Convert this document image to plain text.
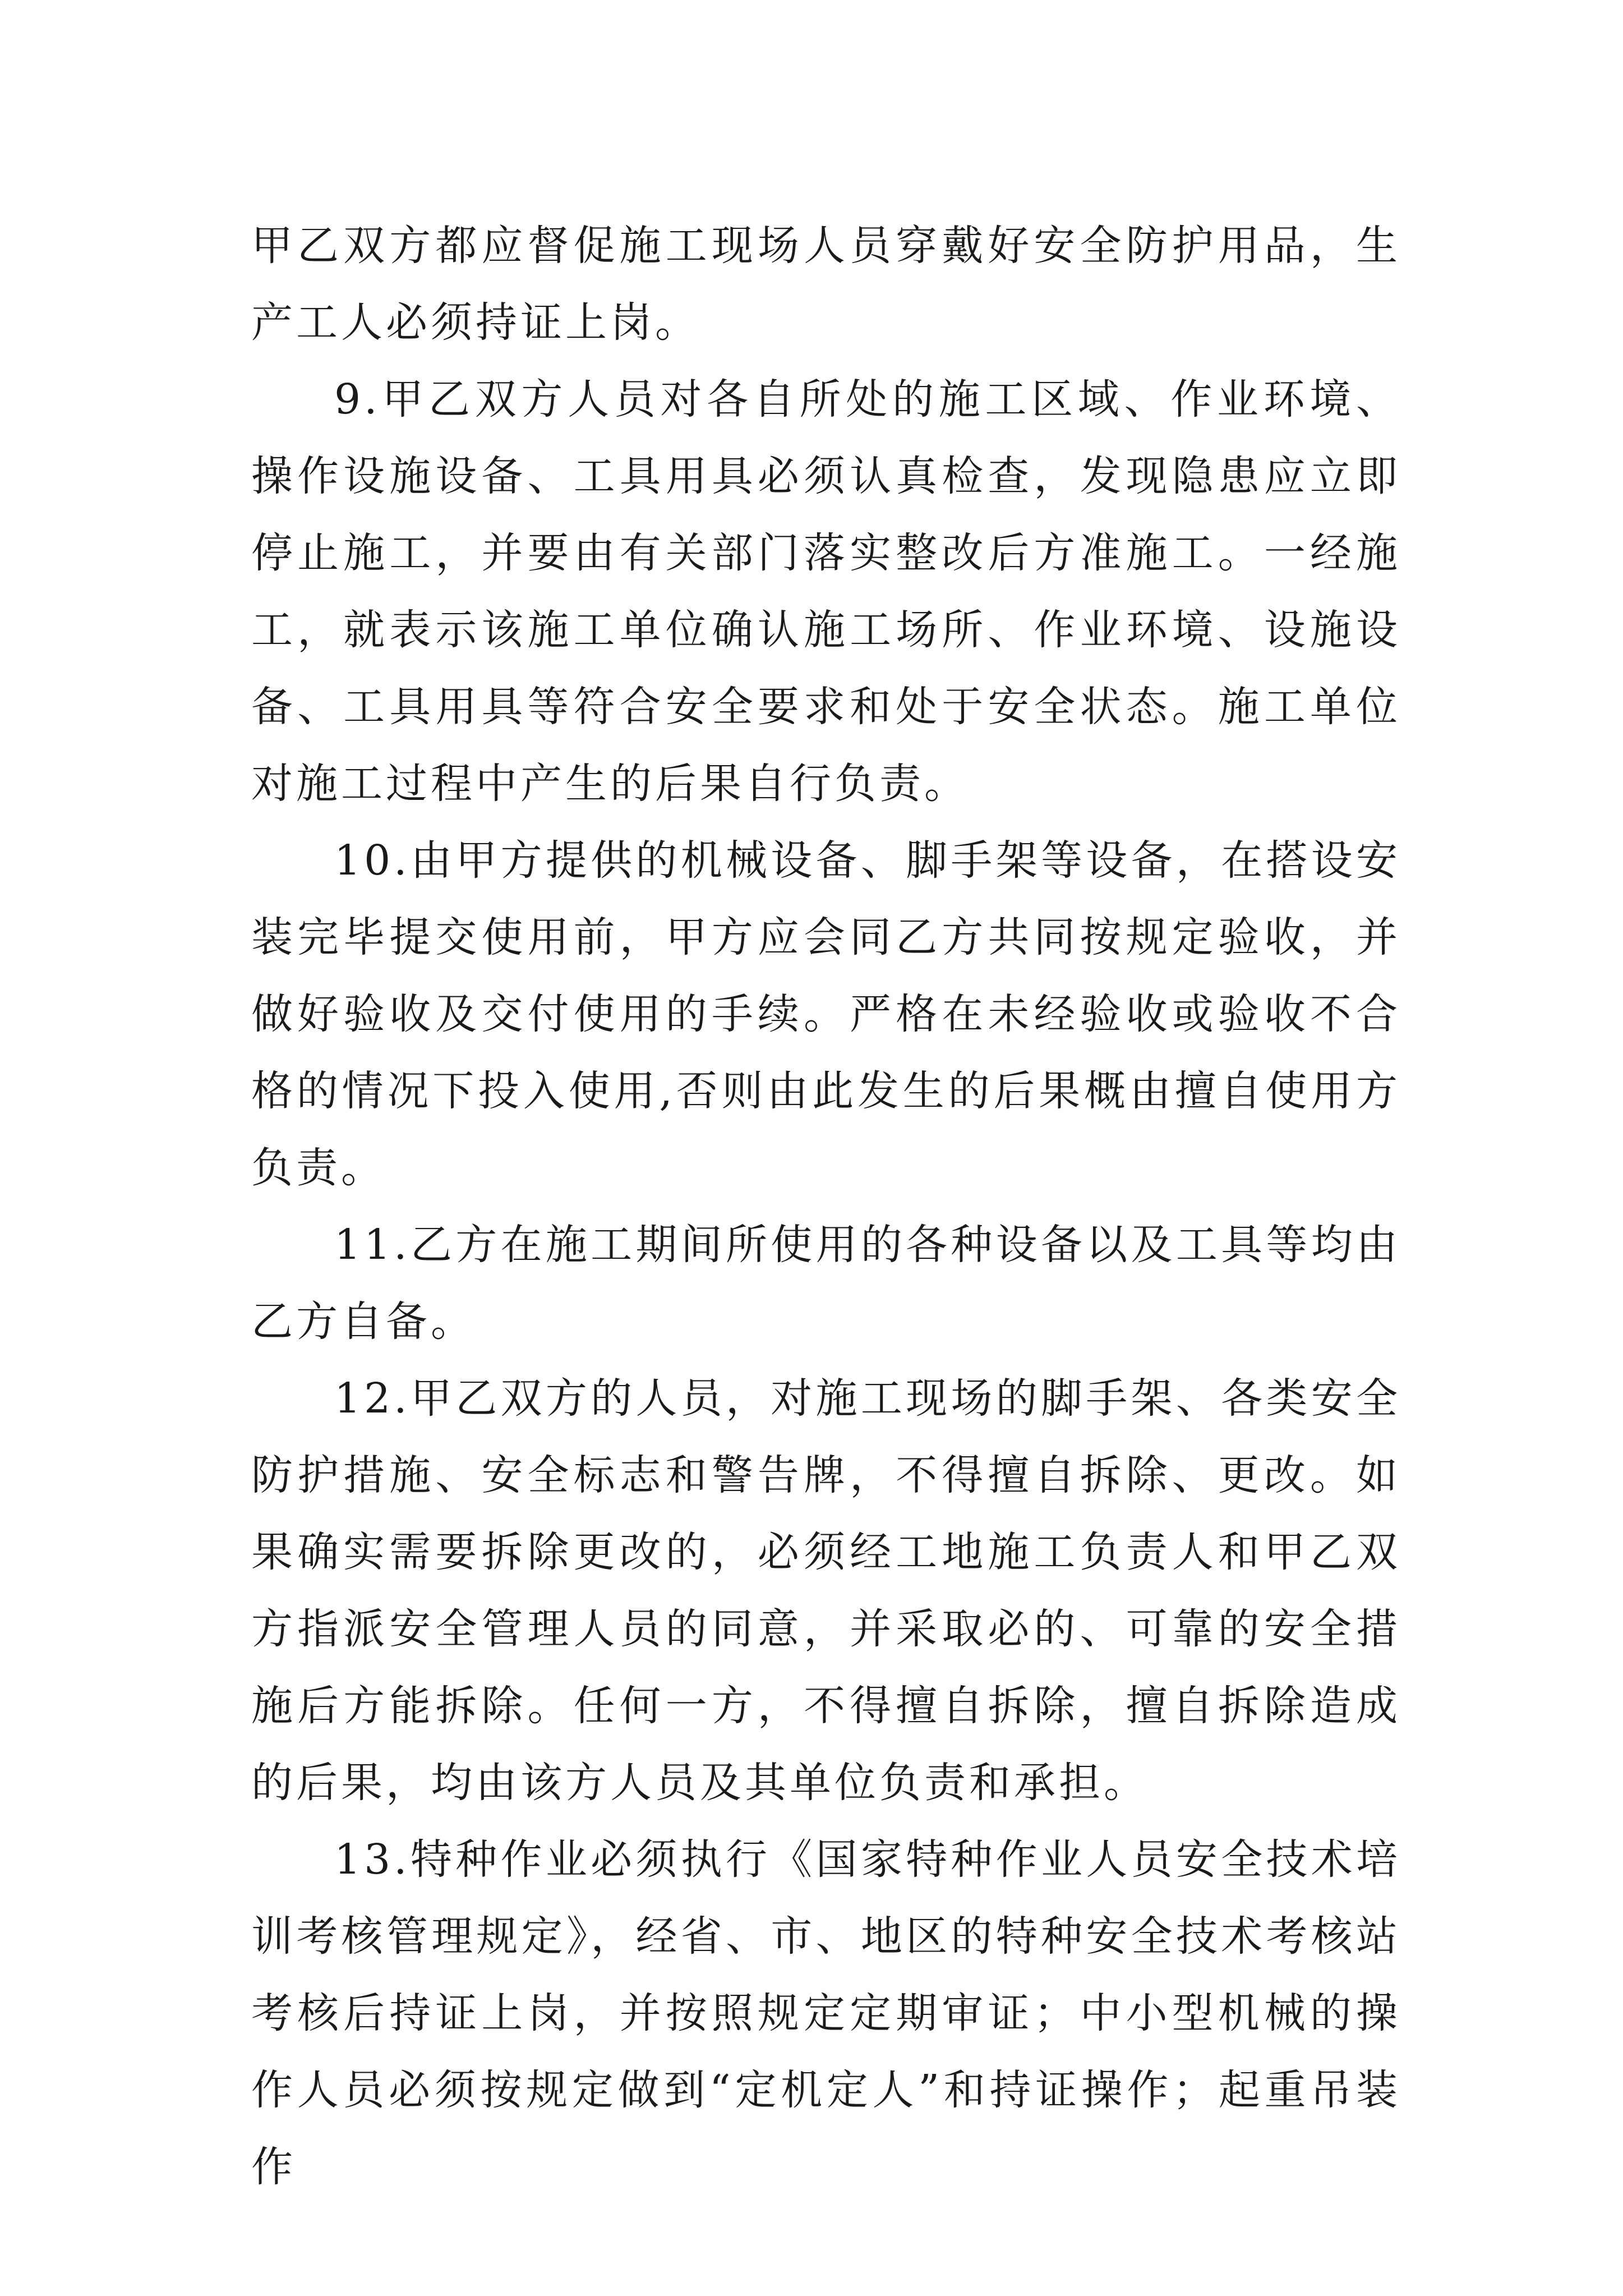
甲乙双方都应督促施工现场人员穿戴好安全防护用品，生产工人必须持证上岗。

9.甲乙双方人员对各自所处的施工区域、作业环境、操作设施设备、工具用具必须认真检查，发现隐患应立即停止施工，并要由有关部门落实整改后方准施工。一经施工，就表示该施工单位确认施工场所、作业环境、设施设备、工具用具等符合安全要求和处于安全状态。施工单位对施工过程中产生的后果自行负责。

10.由甲方提供的机械设备、脚手架等设备，在搭设安装完毕提交使用前，甲方应会同乙方共同按规定验收，并做好验收及交付使用的手续。严格在未经验收或验收不合格的情况下投入使用,否则由此发生的后果概由擅自使用方负责。

11.乙方在施工期间所使用的各种设备以及工具等均由乙方自备。

12.甲乙双方的人员，对施工现场的脚手架、各类安全防护措施、安全标志和警告牌，不得擅自拆除、更改。如果确实需要拆除更改的，必须经工地施工负责人和甲乙双方指派安全管理人员的同意，并采取必的、可靠的安全措施后方能拆除。任何一方，不得擅自拆除，擅自拆除造成的后果，均由该方人员及其单位负责和承担。

13.特种作业必须执行《国家特种作业人员安全技术培训考核管理规定》，经省、市、地区的特种安全技术考核站考核后持证上岗，并按照规定定期审证；中小型机械的操作人员必须按规定做到“定机定人”和持证操作；起重吊装作
